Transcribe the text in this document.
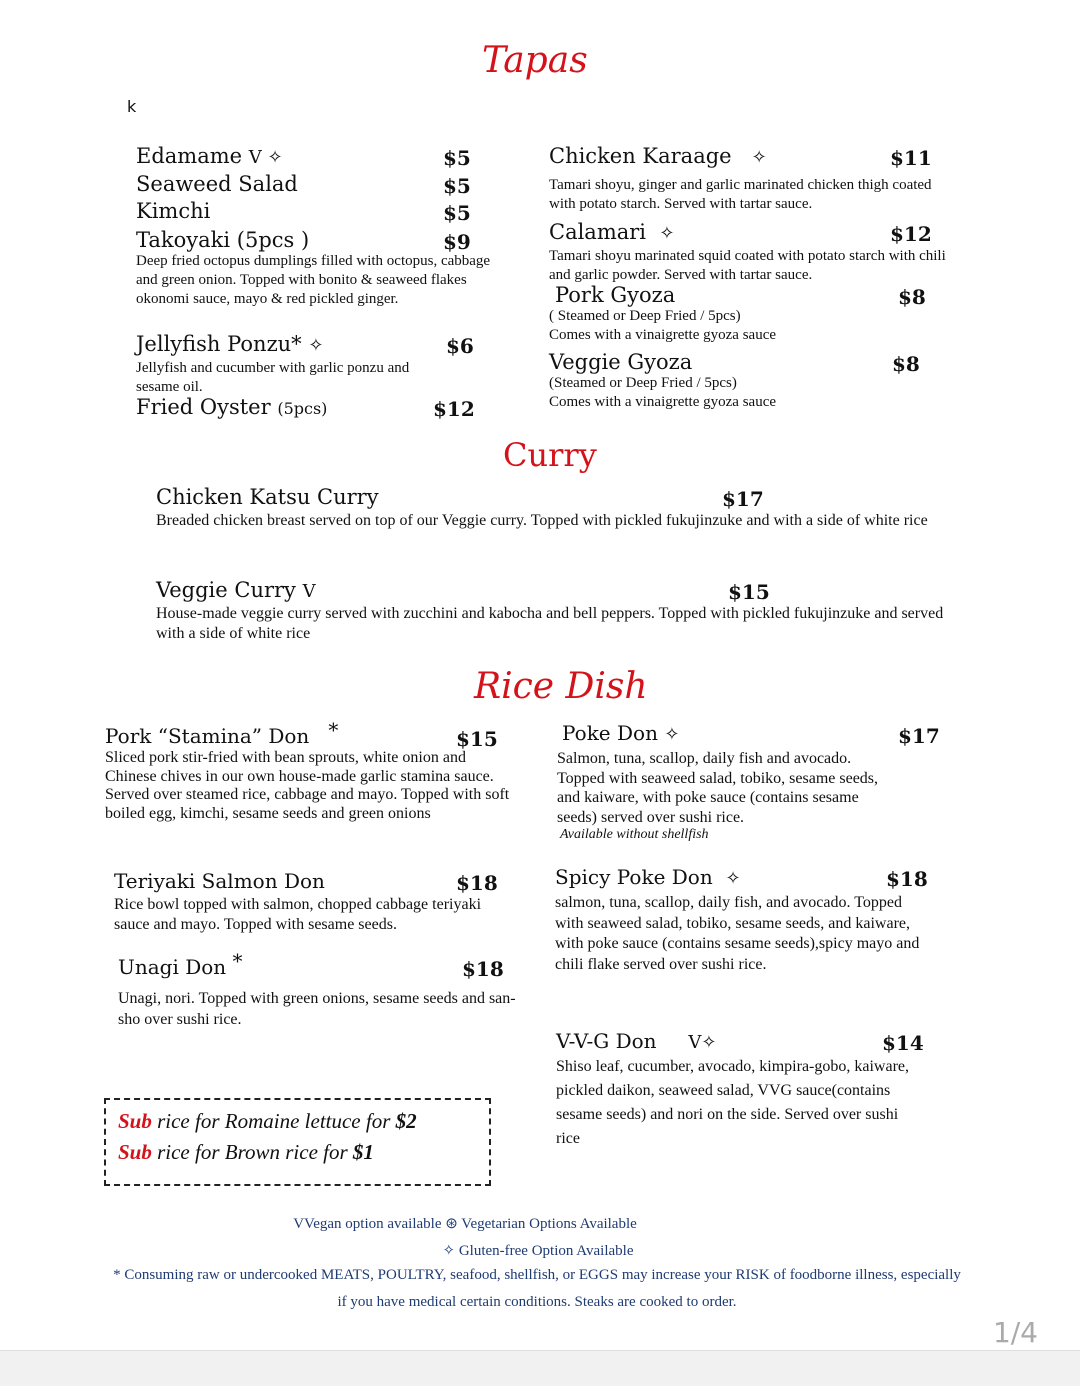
Tapas
k
Edamame V ✧	$5
Seaweed Salad	$5
Kimchi	$5
Takoyaki (5pcs )	$9
Deep fried octopus dumplings filled with octopus, cabbage and green onion. Topped with bonito & seaweed flakes okonomi sauce, mayo & red pickled ginger.
Jellyfish Ponzu* ✧	$6
Jellyfish and cucumber with garlic ponzu and sesame oil.
Fried Oyster (5pcs)	$12
Chicken Karaage ✧	$11
Tamari shoyu, ginger and garlic marinated chicken thigh coated with potato starch. Served with tartar sauce.
Calamari ✧	$12
Tamari shoyu marinated squid coated with potato starch with chili and garlic powder. Served with tartar sauce.
Pork Gyoza	$8
( Steamed or Deep Fried / 5pcs)
Comes with a vinaigrette gyoza sauce
Veggie Gyoza	$8
(Steamed or Deep Fried / 5pcs)
Comes with a vinaigrette gyoza sauce
Curry
Chicken Katsu Curry	$17
Breaded chicken breast served on top of our Veggie curry. Topped with pickled fukujinzuke and with a side of white rice
Veggie Curry V	$15
House-made veggie curry served with zucchini and kabocha and bell peppers. Topped with pickled fukujinzuke and served with a side of white rice
Rice Dish
Pork “Stamina” Don *	$15
Sliced pork stir-fried with bean sprouts, white onion and Chinese chives in our own house-made garlic stamina sauce. Served over steamed rice, cabbage and mayo. Topped with soft boiled egg, kimchi, sesame seeds and green onions
Teriyaki Salmon Don	$18
Rice bowl topped with salmon, chopped cabbage teriyaki sauce and mayo. Topped with sesame seeds.
Unagi Don *	$18
Unagi, nori. Topped with green onions, sesame seeds and san-sho over sushi rice.
Poke Don ✧	$17
Salmon, tuna, scallop, daily fish and avocado. Topped with seaweed salad, tobiko, sesame seeds, and kaiware, with poke sauce (contains sesame seeds) served over sushi rice.
Available without shellfish
Spicy Poke Don ✧	$18
salmon, tuna, scallop, daily fish, and avocado. Topped with seaweed salad, tobiko, sesame seeds, and kaiware, with poke sauce (contains sesame seeds),spicy mayo and chili flake served over sushi rice.
V-V-G Don V✧	$14
Shiso leaf, cucumber, avocado, kimpira-gobo, kaiware, pickled daikon, seaweed salad, VVG sauce(contains sesame seeds) and nori on the side. Served over sushi rice
Sub rice for Romaine lettuce for $2
Sub rice for Brown rice for $1
VVegan option available ⊛ Vegetarian Options Available
✧ Gluten-free Option Available
* Consuming raw or undercooked MEATS, POULTRY, seafood, shellfish, or EGGS may increase your RISK of foodborne illness, especially
if you have medical certain conditions. Steaks are cooked to order.
1/4
